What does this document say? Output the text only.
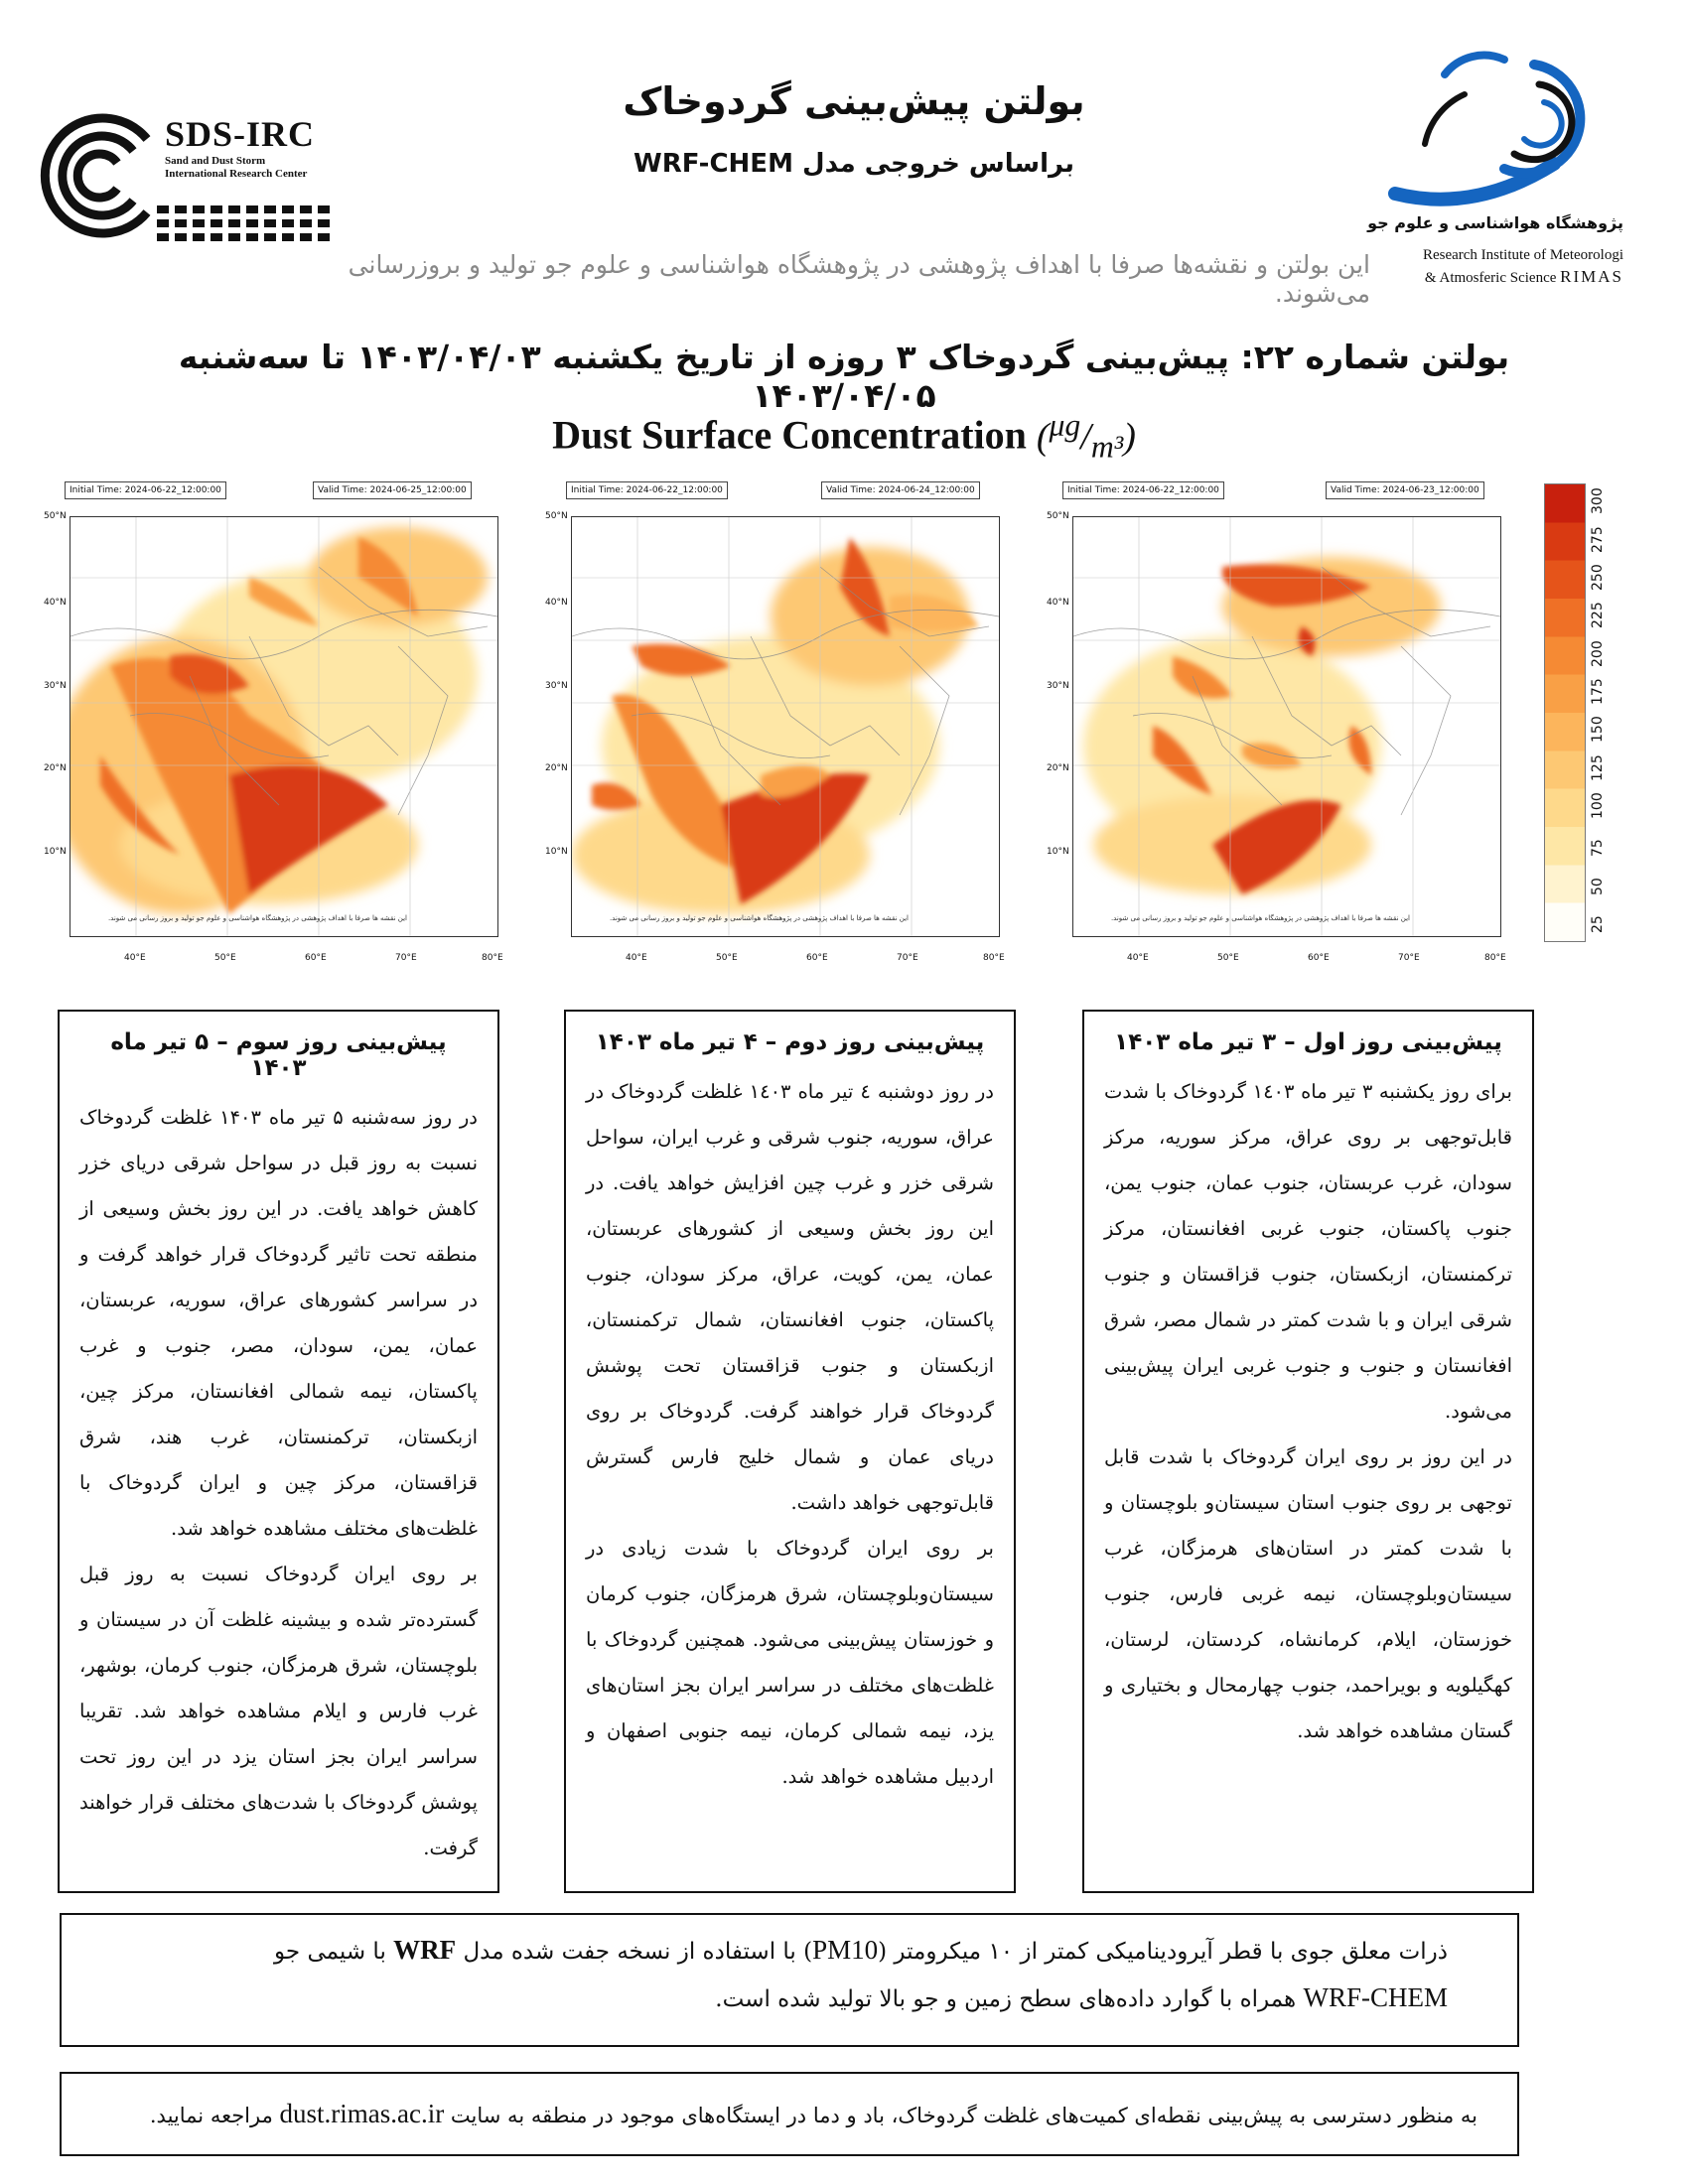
SDS-IRC
Sand and Dust Storm
International Research Center
بولتن پیش‌بینی گردوخاک
براساس خروجی مدل WRF-CHEM
این بولتن و نقشه‌ها صرفا با اهداف پژوهشی در پژوهشگاه هواشناسی و علوم جو تولید و بروزرسانی می‌شوند.
پژوهشگاه هواشناسی و علوم جو
Research Institute of Meteorologi
& Atmosferic Science RIMAS
بولتن شماره ۲۲: پیش‌بینی گردوخاک ۳ روزه از تاریخ یکشنبه ۱۴۰۳/۰۴/۰۳ تا سه‌شنبه ۱۴۰۳/۰۴/۰۵
Dust Surface Concentration $(^{\mu g}/_{m^3})$
Initial Time: 2024-06-22_12:00:00	Valid Time: 2024-06-25_12:00:00
این نقشه ها صرفا با اهداف پژوهشی در پژوهشگاه هواشناسی و علوم جو تولید و بروز رسانی می شوند.
50°N
40°N
30°N
20°N
10°N
40°E	50°E	60°E	70°E	80°E
Initial Time: 2024-06-22_12:00:00	Valid Time: 2024-06-24_12:00:00
این نقشه ها صرفا با اهداف پژوهشی در پژوهشگاه هواشناسی و علوم جو تولید و بروز رسانی می شوند.
50°N
40°N
30°N
20°N
10°N
40°E	50°E	60°E	70°E	80°E
Initial Time: 2024-06-22_12:00:00	Valid Time: 2024-06-23_12:00:00
این نقشه ها صرفا با اهداف پژوهشی در پژوهشگاه هواشناسی و علوم جو تولید و بروز رسانی می شوند.
50°N
40°N
30°N
20°N
10°N
40°E	50°E	60°E	70°E	80°E
25
50
75
100
125
150
175
200
225
250
275
300
پیش‌بینی روز سوم – ۵ تیر ماه ۱۴۰۳

در روز سه‌شنبه ۵ تیر ماه ۱۴۰۳ غلظت گردوخاک نسبت به روز قبل در سواحل شرقی دریای خزر کاهش خواهد یافت. در این روز بخش وسیعی از منطقه تحت تاثیر گردوخاک قرار خواهد گرفت و در سراسر کشورهای عراق، سوریه، عربستان، عمان، یمن، سودان، مصر، جنوب و غرب پاکستان، نیمه شمالی افغانستان، مرکز چین، ازبکستان، ترکمنستان، غرب هند، شرق قزاقستان، مرکز چین و ایران گردوخاک با غلظت‌های مختلف مشاهده خواهد شد.

بر روی ایران گردوخاک نسبت به روز قبل گسترده‌تر شده و بیشینه غلظت آن در سیستان و بلوچستان، شرق هرمزگان، جنوب کرمان، بوشهر، غرب فارس و ایلام مشاهده خواهد شد. تقریبا سراسر ایران بجز استان یزد در این روز تحت پوشش گردوخاک با شدت‌های مختلف قرار خواهند گرفت.

پیش‌بینی روز دوم – ۴ تیر ماه ۱۴۰۳

در روز دوشنبه ٤ تیر ماه ۱٤۰۳ غلظت گردوخاک در عراق، سوریه، جنوب شرقی و غرب ایران، سواحل شرقی خزر و غرب چین افزایش خواهد یافت. در این روز بخش وسیعی از کشورهای عربستان، عمان، یمن، کویت، عراق، مرکز سودان، جنوب پاکستان، جنوب افغانستان، شمال ترکمنستان، ازبکستان و جنوب قزاقستان تحت پوشش گردوخاک قرار خواهند گرفت. گردوخاک بر روی دریای عمان و شمال خلیج فارس گسترش قابل‌توجهی خواهد داشت.

بر روی ایران گردوخاک با شدت زیادی در سیستان‌وبلوچستان، شرق هرمزگان، جنوب کرمان و خوزستان پیش‌بینی می‌شود. همچنین گردوخاک با غلظت‌های مختلف در سراسر ایران بجز استان‌های یزد، نیمه شمالی کرمان، نیمه جنوبی اصفهان و اردبیل مشاهده خواهد شد.

پیش‌بینی روز اول – ۳ تیر ماه ۱۴۰۳

برای روز یکشنبه ۳ تیر ماه ۱٤۰۳ گردوخاک با شدت قابل‌توجهی بر روی عراق، مرکز سوریه، مرکز سودان، غرب عربستان، جنوب عمان، جنوب یمن، جنوب پاکستان، جنوب غربی افغانستان، مرکز ترکمنستان، ازبکستان، جنوب قزاقستان و جنوب شرقی ایران و با شدت کمتر در شمال مصر، شرق افغانستان و جنوب و جنوب غربی ایران پیش‌بینی می‌شود.

در این روز بر روی ایران گردوخاک با شدت قابل توجهی بر روی جنوب استان سیستان‌و بلوچستان و با شدت کمتر در استان‌های هرمزگان، غرب سیستان‌وبلوچستان، نیمه غربی فارس، جنوب خوزستان، ایلام، کرمانشاه، کردستان، لرستان، کهگیلویه و بویراحمد، جنوب چهارمحال و بختیاری و گستان مشاهده خواهد شد.

ذرات معلق جوی با قطر آیرودینامیکی کمتر از ۱۰ میکرومتر (PM10) با استفاده از نسخه جفت شده مدل WRF با شیمی جو
WRF-CHEM همراه با گوارد داده‌های سطح زمین و جو بالا تولید شده است.
به منظور دسترسی به پیش‌بینی نقطه‌ای کمیت‌های غلظت گردوخاک، باد و دما در ایستگاه‌های موجود در منطقه به سایت dust.rimas.ac.ir مراجعه نمایید.
